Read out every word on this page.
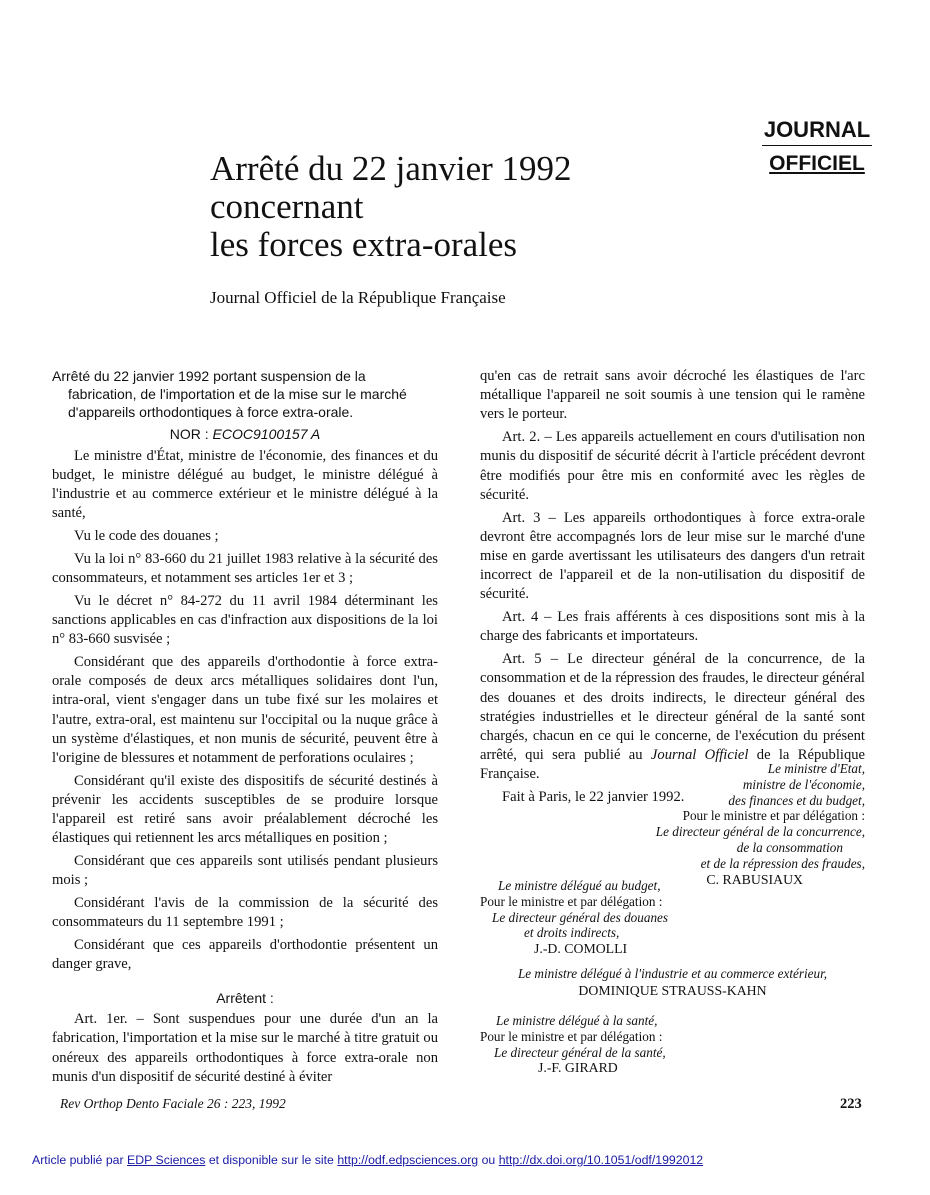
JOURNAL
OFFICIEL
Arrêté du 22 janvier 1992
concernant
les forces extra-orales
Journal Officiel de la République Française

Arrêté du 22 janvier 1992 portant suspension de la fabrication, de l'importation et de la mise sur le marché d'appareils orthodontiques à force extra-orale.

NOR : ECOC9100157 A

Le ministre d'État, ministre de l'économie, des finances et du budget, le ministre délégué au budget, le ministre délégué à l'industrie et au commerce extérieur et le ministre délégué à la santé,

Vu le code des douanes ;

Vu la loi n° 83-660 du 21 juillet 1983 relative à la sécurité des consommateurs, et notamment ses articles 1er et 3 ;

Vu le décret n° 84-272 du 11 avril 1984 déterminant les sanctions applicables en cas d'infraction aux dispositions de la loi n° 83-660 susvisée ;

Considérant que des appareils d'orthodontie à force extra-orale composés de deux arcs métalliques solidaires dont l'un, intra-oral, vient s'engager dans un tube fixé sur les molaires et l'autre, extra-oral, est maintenu sur l'occipital ou la nuque grâce à un système d'élastiques, et non munis de sécurité, peuvent être à l'origine de blessures et notamment de perforations oculaires ;

Considérant qu'il existe des dispositifs de sécurité destinés à prévenir les accidents susceptibles de se produire lorsque l'appareil est retiré sans avoir préalablement décroché les élastiques qui retiennent les arcs métalliques en position ;

Considérant que ces appareils sont utilisés pendant plusieurs mois ;

Considérant l'avis de la commission de la sécurité des consommateurs du 11 septembre 1991 ;

Considérant que ces appareils d'orthodontie présentent un danger grave,

Arrêtent :

Art. 1er. – Sont suspendues pour une durée d'un an la fabrication, l'importation et la mise sur le marché à titre gratuit ou onéreux des appareils orthodontiques à force extra-orale non munis d'un dispositif de sécurité destiné à éviter

qu'en cas de retrait sans avoir décroché les élastiques de l'arc métallique l'appareil ne soit soumis à une tension qui le ramène vers le porteur.

Art. 2. – Les appareils actuellement en cours d'utilisation non munis du dispositif de sécurité décrit à l'article précédent devront être modifiés pour être mis en conformité avec les règles de sécurité.

Art. 3 – Les appareils orthodontiques à force extra-orale devront être accompagnés lors de leur mise sur le marché d'une mise en garde avertissant les utilisateurs des dangers d'un retrait incorrect de l'appareil et de la non-utilisation du dispositif de sécurité.

Art. 4 – Les frais afférents à ces dispositions sont mis à la charge des fabricants et importateurs.

Art. 5 – Le directeur général de la concurrence, de la consommation et de la répression des fraudes, le directeur général des douanes et des droits indirects, le directeur général des stratégies industrielles et le directeur général de la santé sont chargés, chacun en ce qui le concerne, de l'exécution du présent arrêté, qui sera publié au Journal Officiel de la République Française.

Fait à Paris, le 22 janvier 1992.

Le ministre d'Etat,
ministre de l'économie,
des finances et du budget,
Pour le ministre et par délégation :
Le directeur général de la concurrence,
de la consommation
et de la répression des fraudes,
C. RABUSIAUX
Le ministre délégué au budget,
Pour le ministre et par délégation :
Le directeur général des douanes
et droits indirects,
J.-D. COMOLLI
Le ministre délégué à l'industrie et au commerce extérieur,
DOMINIQUE STRAUSS-KAHN
Le ministre délégué à la santé,
Pour le ministre et par délégation :
Le directeur général de la santé,
J.-F. GIRARD
Rev Orthop Dento Faciale 26 : 223, 1992	223
Article publié par EDP Sciences et disponible sur le site http://odf.edpsciences.org ou http://dx.doi.org/10.1051/odf/1992012
